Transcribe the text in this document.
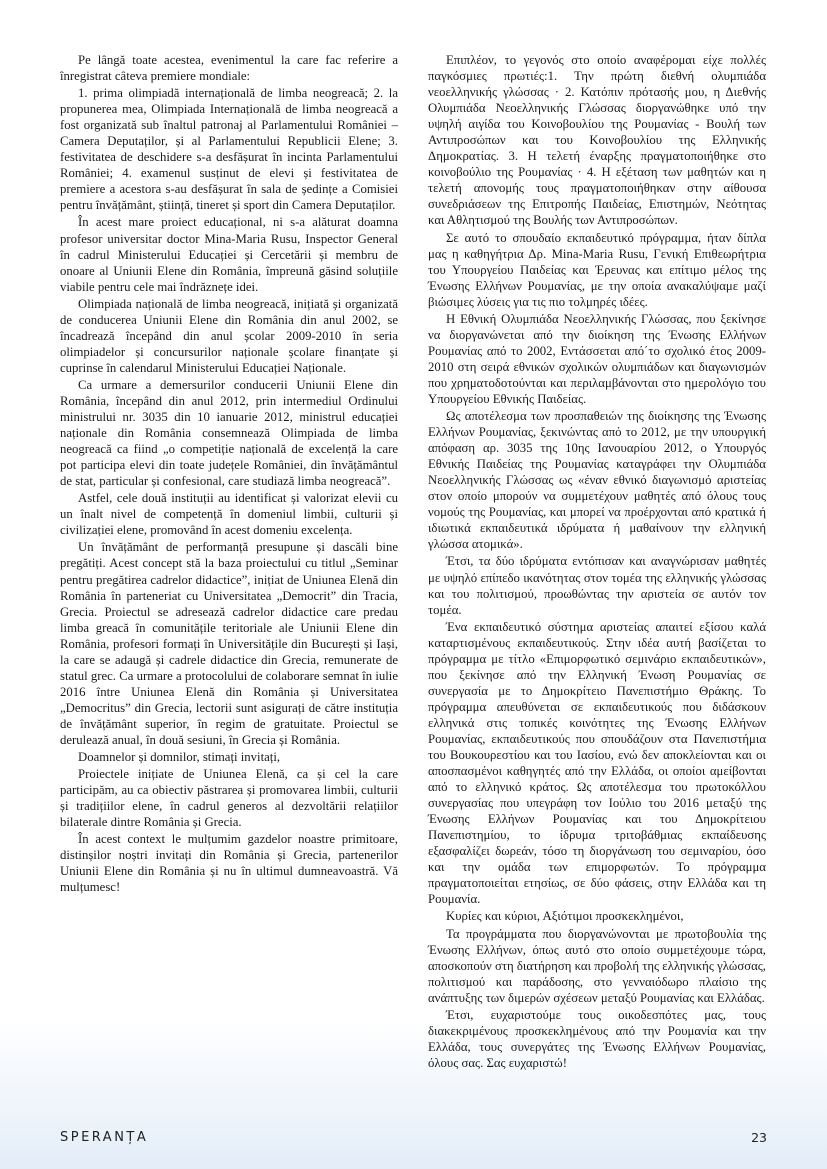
Pe lângă toate acestea, evenimentul la care fac referire a înregistrat câteva premiere mondiale:

1. prima olimpiadă internațională de limba neogreacă; 2. la propunerea mea, Olimpiada Internațională de limba neogreacă a fost organizată sub înaltul patronaj al Parlamentului României – Camera Deputaților, și al Parlamentului Republicii Elene; 3. festivitatea de deschidere s-a desfășurat în incinta Parlamentului României; 4. examenul susținut de elevi și festivitatea de premiere a acestora s-au desfășurat în sala de ședințe a Comisiei pentru învățământ, știință, tineret și sport din Camera Deputaților.

În acest mare proiect educațional, ni s-a alăturat doamna profesor universitar doctor Mina-Maria Rusu, Inspector General în cadrul Ministerului Educației și Cercetării și membru de onoare al Uniunii Elene din România, împreună găsind soluțiile viabile pentru cele mai îndrăznețe idei.

Olimpiada națională de limba neogreacă, inițiată și organizată de conducerea Uniunii Elene din România din anul 2002, se încadrează începând din anul școlar 2009-2010 în seria olimpiadelor și concursurilor naționale școlare finanțate și cuprinse în calendarul Ministerului Educației Naționale.

Ca urmare a demersurilor conducerii Uniunii Elene din România, începând din anul 2012, prin intermediul Ordinului ministrului nr. 3035 din 10 ianuarie 2012, ministrul educației naționale din România consemnează Olimpiada de limba neogreacă ca fiind „o competiție națională de excelență la care pot participa elevi din toate județele României, din învățământul de stat, particular și confesional, care studiază limba neogreacă”.

Astfel, cele două instituții au identificat și valorizat elevii cu un înalt nivel de competență în domeniul limbii, culturii și civilizației elene, promovând în acest domeniu excelența.

Un învățământ de performanță presupune și dascăli bine pregătiți. Acest concept stă la baza proiectului cu titlul „Seminar pentru pregătirea cadrelor didactice”, inițiat de Uniunea Elenă din România în parteneriat cu Universitatea „Democrit” din Tracia, Grecia. Proiectul se adresează cadrelor didactice care predau limba greacă în comunitățile teritoriale ale Uniunii Elene din România, profesori formați în Universitățile din București și Iași, la care se adaugă și cadrele didactice din Grecia, remunerate de statul grec. Ca urmare a protocolului de colaborare semnat în iulie 2016 între Uniunea Elenă din România și Universitatea „Democritus” din Grecia, lectorii sunt asigurați de către instituția de învățământ superior, în regim de gratuitate. Proiectul se derulează anual, în două sesiuni, în Grecia și România.

Doamnelor și domnilor, stimați invitați,

Proiectele inițiate de Uniunea Elenă, ca și cel la care participăm, au ca obiectiv păstrarea și promovarea limbii, culturii și tradițiilor elene, în cadrul generos al dezvoltării relațiilor bilaterale dintre România și Grecia.

În acest context le mulțumim gazdelor noastre primitoare, distinșilor noștri invitați din România și Grecia, partenerilor Uniunii Elene din România și nu în ultimul dumneavoastră. Vă mulțumesc!

Επιπλέον, το γεγονός στο οποίο αναφέρομαι είχε πολλές παγκόσμιες πρωτιές:1. Την πρώτη διεθνή ολυμπιάδα νεοελληνικής γλώσσας · 2. Κατόπιν πρότασής μου, η Διεθνής Ολυμπιάδα Νεοελληνικής Γλώσσας διοργανώθηκε υπό την υψηλή αιγίδα του Κοινοβουλίου της Ρουμανίας - Βουλή των Αντιπροσώπων και του Κοινοβουλίου της Ελληνικής Δημοκρατίας. 3. Η τελετή έναρξης πραγματοποιήθηκε στο κοινοβούλιο της Ρουμανίας · 4. Η εξέταση των μαθητών και η τελετή απονομής τους πραγματοποιήθηκαν στην αίθουσα συνεδριάσεων της Επιτροπής Παιδείας, Επιστημών, Νεότητας και Αθλητισμού της Βουλής των Αντιπροσώπων.

Σε αυτό το σπουδαίο εκπαιδευτικό πρόγραμμα, ήταν δίπλα μας η καθηγήτρια Δρ. Mina-Maria Rusu, Γενική Επιθεωρήτρια του Υπουργείου Παιδείας και Έρευνας και επίτιμο μέλος της Ένωσης Ελλήνων Ρουμανίας, με την οποία ανακαλύψαμε μαζί βιώσιμες λύσεις για τις πιο τολμηρές ιδέες.

Η Εθνική Ολυμπιάδα Νεοελληνικής Γλώσσας, που ξεκίνησε να διοργανώνεται από την διοίκηση της Ένωσης Ελλήνων Ρουμανίας από το 2002, Εντάσσεται από΄το σχολικό έτος 2009-2010 στη σειρά εθνικών σχολικών ολυμπιάδων και διαγωνισμών που χρηματοδοτούνται και περιλαμβάνονται στο ημερολόγιο του Υπουργείου Εθνικής Παιδείας.

Ως αποτέλεσμα των προσπαθειών της διοίκησης της Ένωσης Ελλήνων Ρουμανίας, ξεκινώντας από το 2012, με την υπουργική απόφαση αρ. 3035 της 10ης Ιανουαρίου 2012, ο Υπουργός Εθνικής Παιδείας της Ρουμανίας καταγράφει την Ολυμπιάδα Νεοελληνικής Γλώσσας ως «έναν εθνικό διαγωνισμό αριστείας στον οποίο μπορούν να συμμετέχουν μαθητές από όλους τους νομούς της Ρουμανίας, και μπορεί να προέρχονται από κρατικά ή ιδιωτικά εκπαιδευτικά ιδρύματα ή μαθαίνουν την ελληνική γλώσσα ατομικά».

Έτσι, τα δύο ιδρύματα εντόπισαν και αναγνώρισαν μαθητές με υψηλό επίπεδο ικανότητας στον τομέα της ελληνικής γλώσσας και του πολιτισμού, προωθώντας την αριστεία σε αυτόν τον τομέα.

Ένα εκπαιδευτικό σύστημα αριστείας απαιτεί εξίσου καλά καταρτισμένους εκπαιδευτικούς. Στην ιδέα αυτή βασίζεται το πρόγραμμα με τίτλο «Επιμορφωτικό σεμινάριο εκπαιδευτικών», που ξεκίνησε από την Ελληνική Ένωση Ρουμανίας σε συνεργασία με το Δημοκρίτειο Πανεπιστήμιο Θράκης. Το πρόγραμμα απευθύνεται σε εκπαιδευτικούς που διδάσκουν ελληνικά στις τοπικές κοινότητες της Ένωσης Ελλήνων Ρουμανίας, εκπαιδευτικούς που σπουδάζουν στα Πανεπιστήμια του Βουκουρεστίου και του Ιασίου, ενώ δεν αποκλείονται και οι αποσπασμένοι καθηγητές από την Ελλάδα, οι οποίοι αμείβονται από το ελληνικό κράτος. Ως αποτέλεσμα του πρωτοκόλλου συνεργασίας που υπεγράφη τον Ιούλιο του 2016 μεταξύ της Ένωσης Ελλήνων Ρουμανίας και του Δημοκρίτειου Πανεπιστημίου, το ίδρυμα τριτοβάθμιας εκπαίδευσης εξασφαλίζει δωρεάν, τόσο τη διοργάνωση του σεμιναρίου, όσο και την ομάδα των επιμορφωτών. Το πρόγραμμα πραγματοποιείται ετησίως, σε δύο φάσεις, στην Ελλάδα και τη Ρουμανία.

Κυρίες και κύριοι, Αξιότιμοι προσκεκλημένοι,

Τα προγράμματα που διοργανώνονται με πρωτοβουλία της Ένωσης Ελλήνων, όπως αυτό στο οποίο συμμετέχουμε τώρα, αποσκοπούν στη διατήρηση και προβολή της ελληνικής γλώσσας, πολιτισμού και παράδοσης, στο γενναιόδωρο πλαίσιο της ανάπτυξης των διμερών σχέσεων μεταξύ Ρουμανίας και Ελλάδας.

Έτσι, ευχαριστούμε τους οικοδεσπότες μας, τους διακεκριμένους προσκεκλημένους από την Ρουμανία και την Ελλάδα, τους συνεργάτες της Ένωσης Ελλήνων Ρουμανίας, όλους σας. Σας ευχαριστώ!

SPERANȚA	23
